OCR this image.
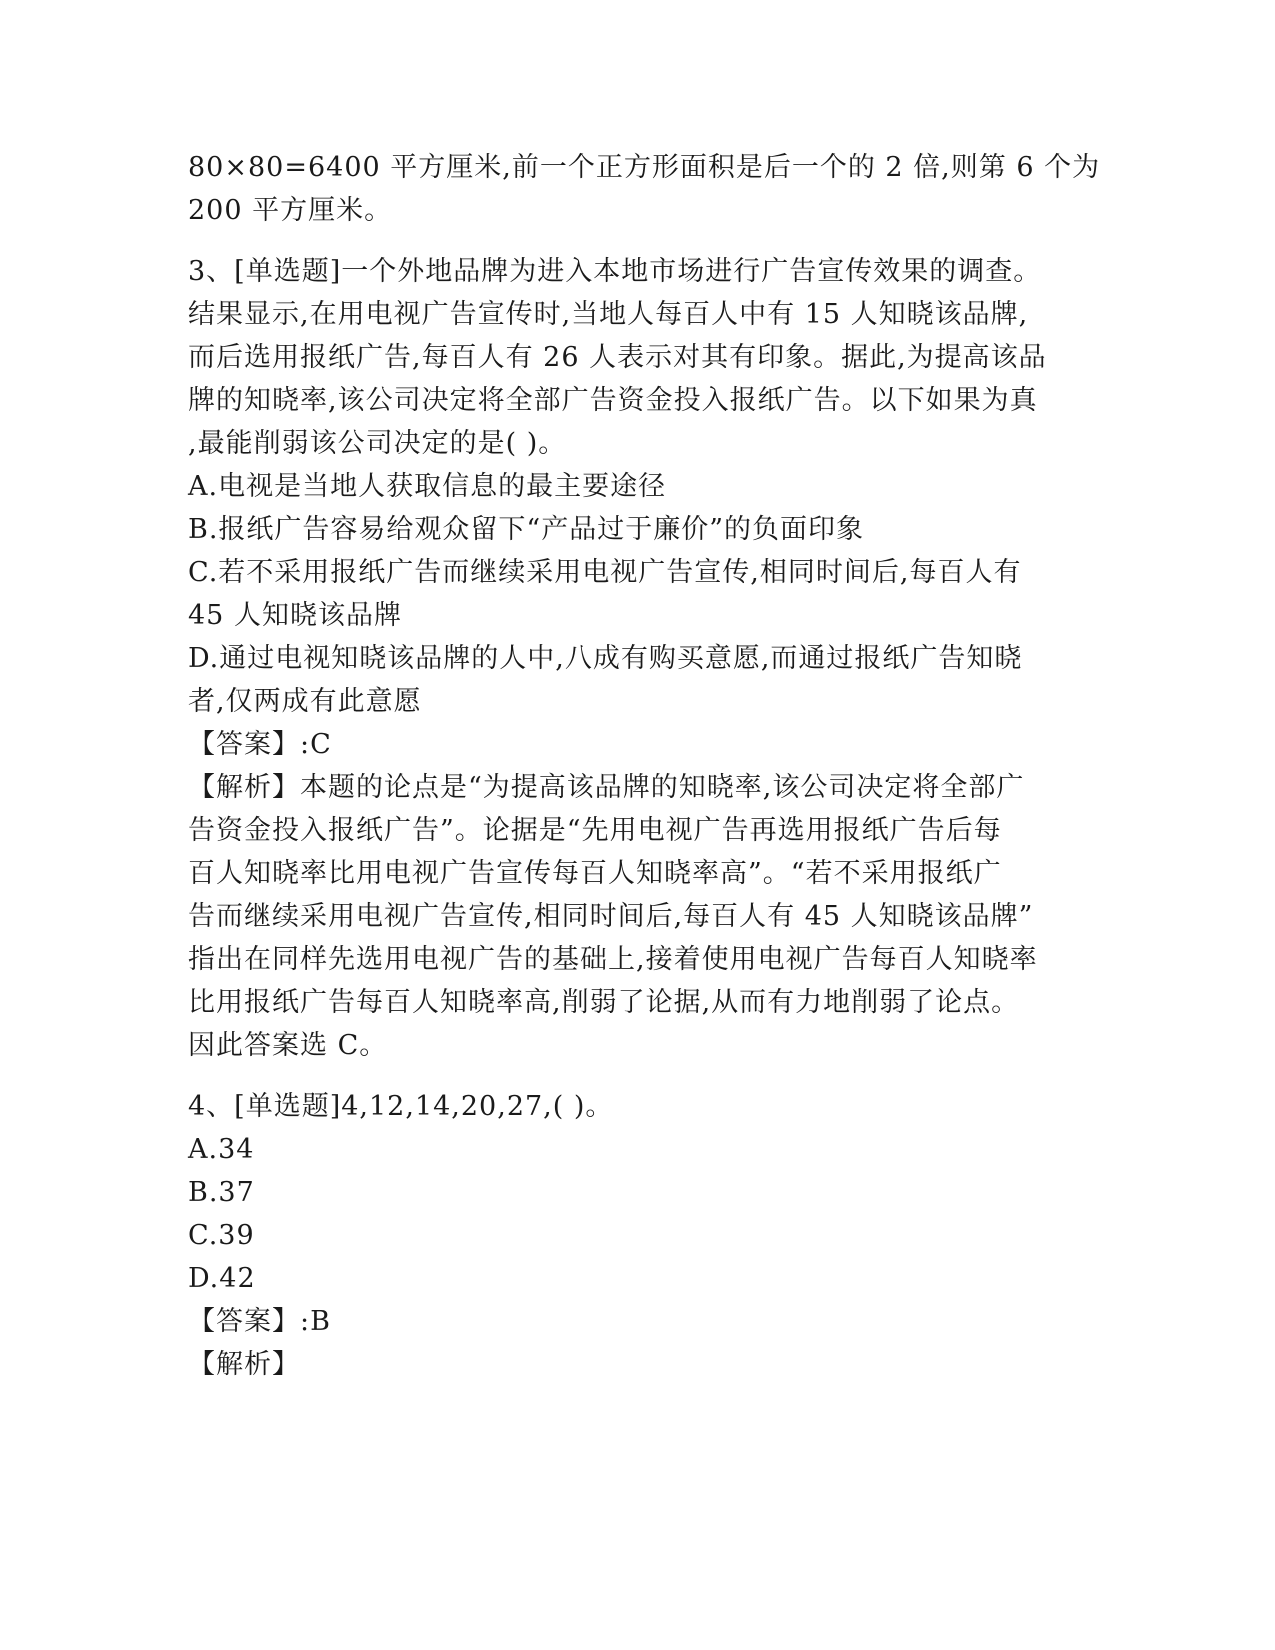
80×80=6400 平方厘米,前一个正方形面积是后一个的 2 倍,则第 6 个为
200 平方厘米。
3、[单选题]一个外地品牌为进入本地市场进行广告宣传效果的调查。
结果显示,在用电视广告宣传时,当地人每百人中有 15 人知晓该品牌,
而后选用报纸广告,每百人有 26 人表示对其有印象。据此,为提高该品
牌的知晓率,该公司决定将全部广告资金投入报纸广告。以下如果为真
,最能削弱该公司决定的是( )。
A.电视是当地人获取信息的最主要途径
B.报纸广告容易给观众留下“产品过于廉价”的负面印象
C.若不采用报纸广告而继续采用电视广告宣传,相同时间后,每百人有
45 人知晓该品牌
D.通过电视知晓该品牌的人中,八成有购买意愿,而通过报纸广告知晓
者,仅两成有此意愿
【答案】:C
【解析】本题的论点是“为提高该品牌的知晓率,该公司决定将全部广
告资金投入报纸广告”。论据是“先用电视广告再选用报纸广告后每
百人知晓率比用电视广告宣传每百人知晓率高”。“若不采用报纸广
告而继续采用电视广告宣传,相同时间后,每百人有 45 人知晓该品牌”
指出在同样先选用电视广告的基础上,接着使用电视广告每百人知晓率
比用报纸广告每百人知晓率高,削弱了论据,从而有力地削弱了论点。
因此答案选 C。
4、[单选题]4,12,14,20,27,( )。
A.34
B.37
C.39
D.42
【答案】:B
【解析】
